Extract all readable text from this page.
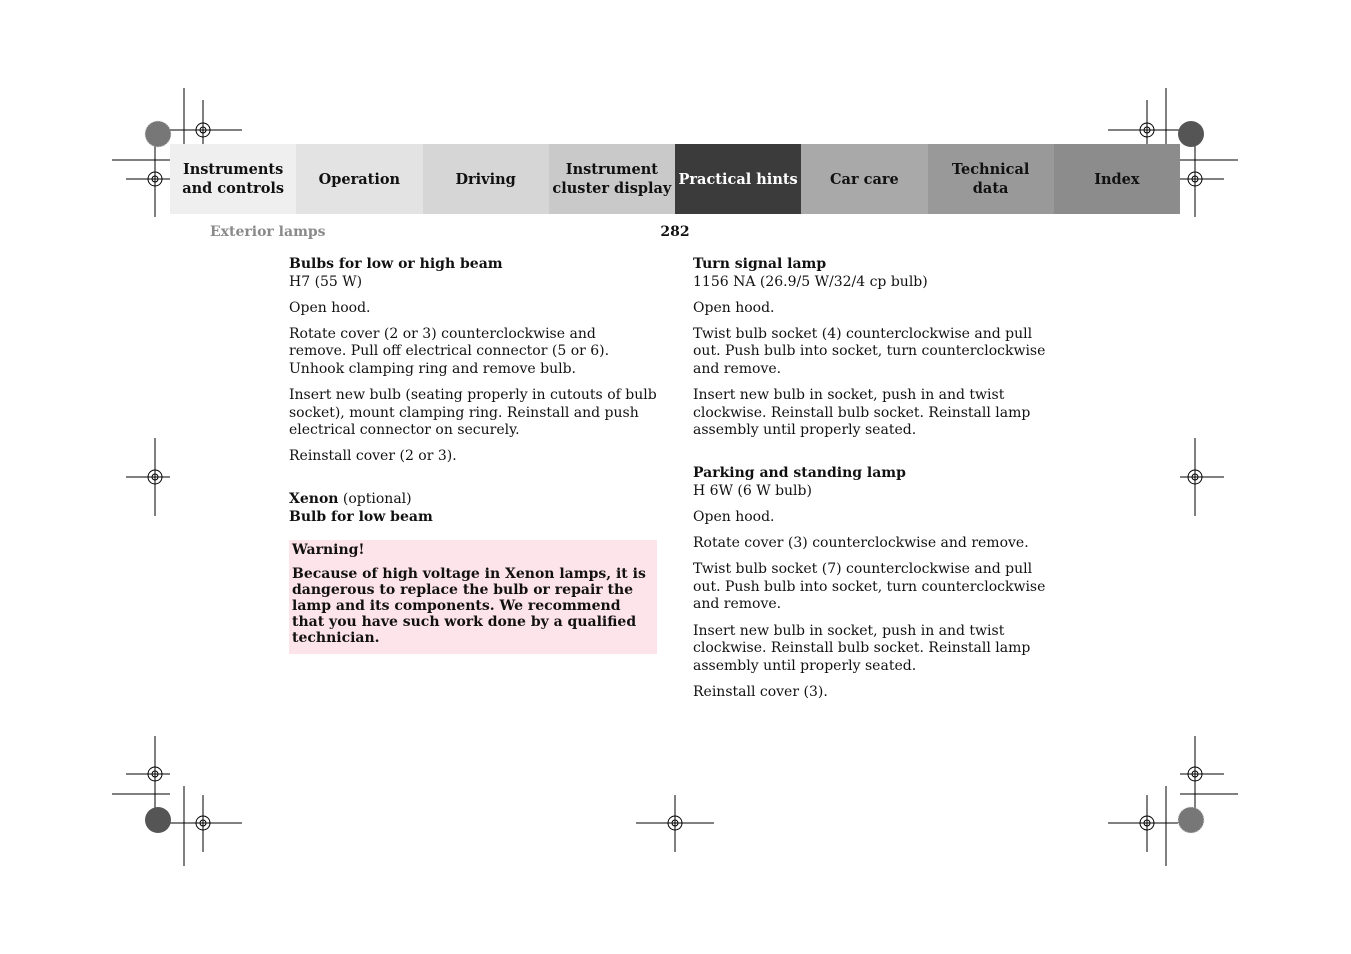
Instruments
and controls
Operation	Driving
Instrument
cluster display
Practical hints	Car care
Technical
data
Index
Exterior lamps	282
Bulbs for low or high beam

H7 (55 W)

Open hood.

Rotate cover (2 or 3) counterclockwise and remove. Pull off electrical connector (5 or 6). Unhook clamping ring and remove bulb.

Insert new bulb (seating properly in cutouts of bulb socket), mount clamping ring. Reinstall and push electrical connector on securely.

Reinstall cover (2 or 3).

Xenon (optional)
Bulb for low beam

Warning!

Because of high voltage in Xenon lamps, it is dangerous to replace the bulb or repair the lamp and its components. We recommend that you have such work done by a qualified technician.

Turn signal lamp

1156 NA (26.9/5 W/32/4 cp bulb)

Open hood.

Twist bulb socket (4) counterclockwise and pull out. Push bulb into socket, turn counterclockwise and remove.

Insert new bulb in socket, push in and twist clockwise. Reinstall bulb socket. Reinstall lamp assembly until properly seated.

Parking and standing lamp

H 6W (6 W bulb)

Open hood.

Rotate cover (3) counterclockwise and remove.

Twist bulb socket (7) counterclockwise and pull out. Push bulb into socket, turn counterclockwise and remove.

Insert new bulb in socket, push in and twist clockwise. Reinstall bulb socket. Reinstall lamp assembly until properly seated.

Reinstall cover (3).
